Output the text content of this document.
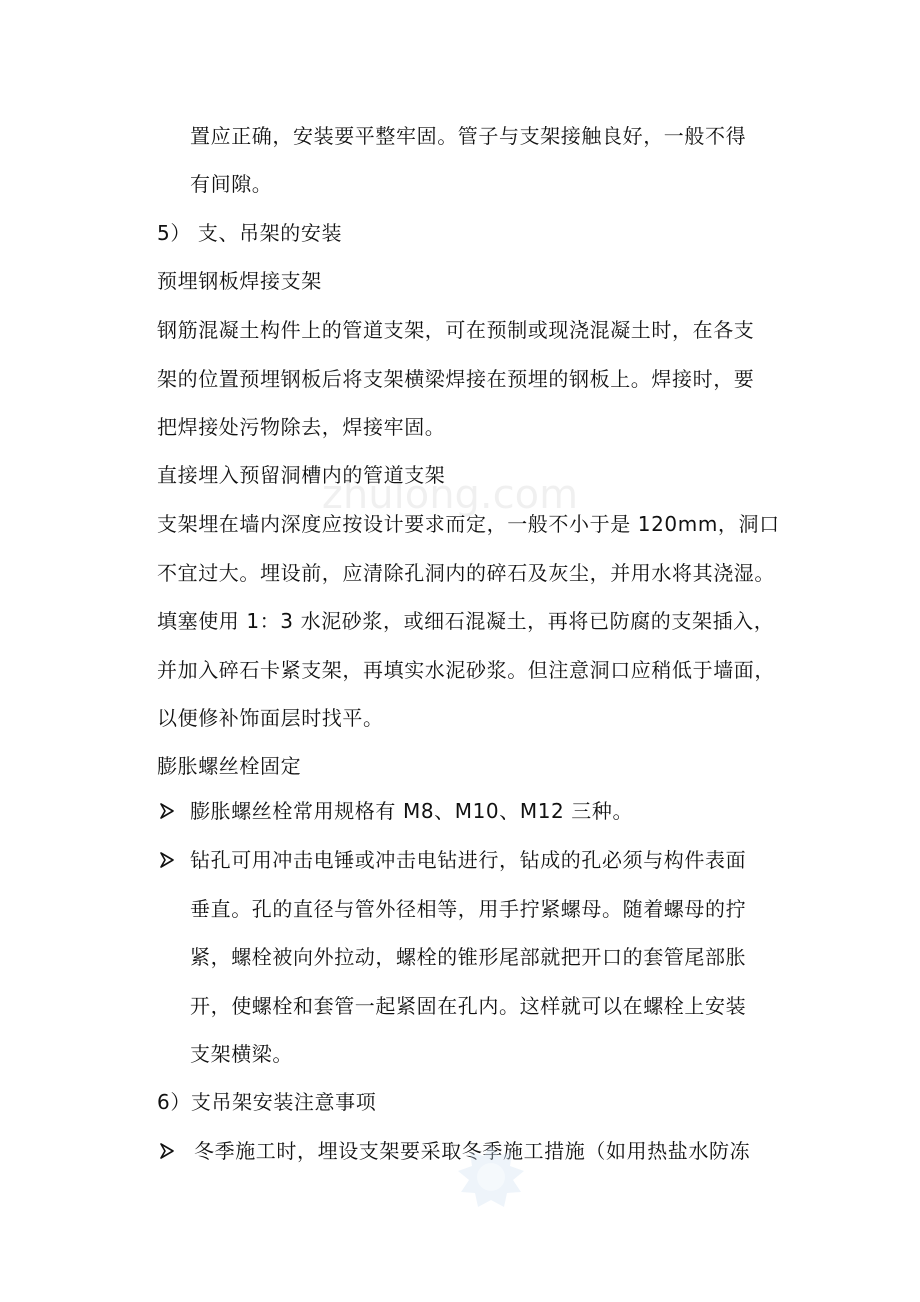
zhulong.com
置应正确，安装要平整牢固。管子与支架接触良好，一般不得
有间隙。
5） 支、吊架的安装
预埋钢板焊接支架
钢筋混凝土构件上的管道支架，可在预制或现浇混凝土时，在各支
架的位置预埋钢板后将支架横梁焊接在预埋的钢板上。焊接时，要
把焊接处污物除去，焊接牢固。
直接埋入预留洞槽内的管道支架
支架埋在墙内深度应按设计要求而定，一般不小于是 120mm，洞口
不宜过大。埋设前，应清除孔洞内的碎石及灰尘，并用水将其浇湿。
填塞使用 1：3 水泥砂浆，或细石混凝土，再将已防腐的支架插入，
并加入碎石卡紧支架，再填实水泥砂浆。但注意洞口应稍低于墙面，
以便修补饰面层时找平。
膨胀螺丝栓固定
膨胀螺丝栓常用规格有 M8、M10、M12 三种。
钻孔可用冲击电锤或冲击电钻进行，钻成的孔必须与构件表面
垂直。孔的直径与管外径相等，用手拧紧螺母。随着螺母的拧
紧，螺栓被向外拉动，螺栓的锥形尾部就把开口的套管尾部胀
开，使螺栓和套管一起紧固在孔内。这样就可以在螺栓上安装
支架横梁。
6）支吊架安装注意事项
冬季施工时，埋设支架要采取冬季施工措施（如用热盐水防冻
